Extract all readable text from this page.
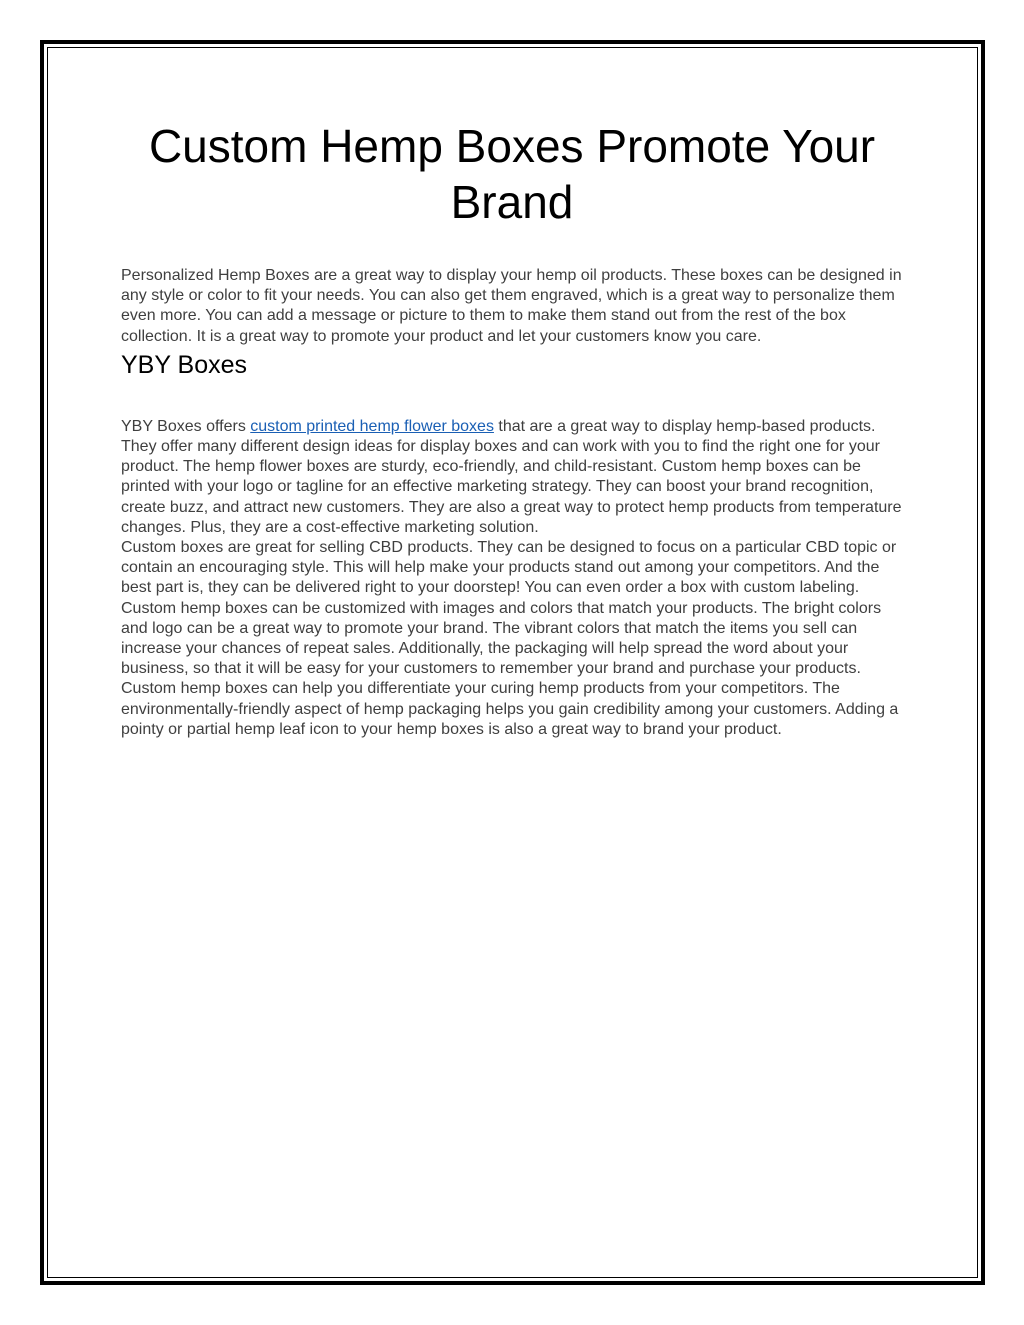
Custom Hemp Boxes Promote Your Brand

Personalized Hemp Boxes are a great way to display your hemp oil products. These boxes can be designed in any style or color to fit your needs. You can also get them engraved, which is a great way to personalize them even more. You can add a message or picture to them to make them stand out from the rest of the box collection. It is a great way to promote your product and let your customers know you care.

YBY Boxes

YBY Boxes offers custom printed hemp flower boxes that are a great way to display hemp-based products. They offer many different design ideas for display boxes and can work with you to find the right one for your product. The hemp flower boxes are sturdy, eco-friendly, and child-resistant. Custom hemp boxes can be printed with your logo or tagline for an effective marketing strategy. They can boost your brand recognition, create buzz, and attract new customers. They are also a great way to protect hemp products from temperature changes. Plus, they are a cost-effective marketing solution.

Custom boxes are great for selling CBD products. They can be designed to focus on a particular CBD topic or contain an encouraging style. This will help make your products stand out among your competitors. And the best part is, they can be delivered right to your doorstep! You can even order a box with custom labeling.

Custom hemp boxes can be customized with images and colors that match your products. The bright colors and logo can be a great way to promote your brand. The vibrant colors that match the items you sell can increase your chances of repeat sales. Additionally, the packaging will help spread the word about your business, so that it will be easy for your customers to remember your brand and purchase your products.

Custom hemp boxes can help you differentiate your curing hemp products from your competitors. The environmentally-friendly aspect of hemp packaging helps you gain credibility among your customers. Adding a pointy or partial hemp leaf icon to your hemp boxes is also a great way to brand your product.
